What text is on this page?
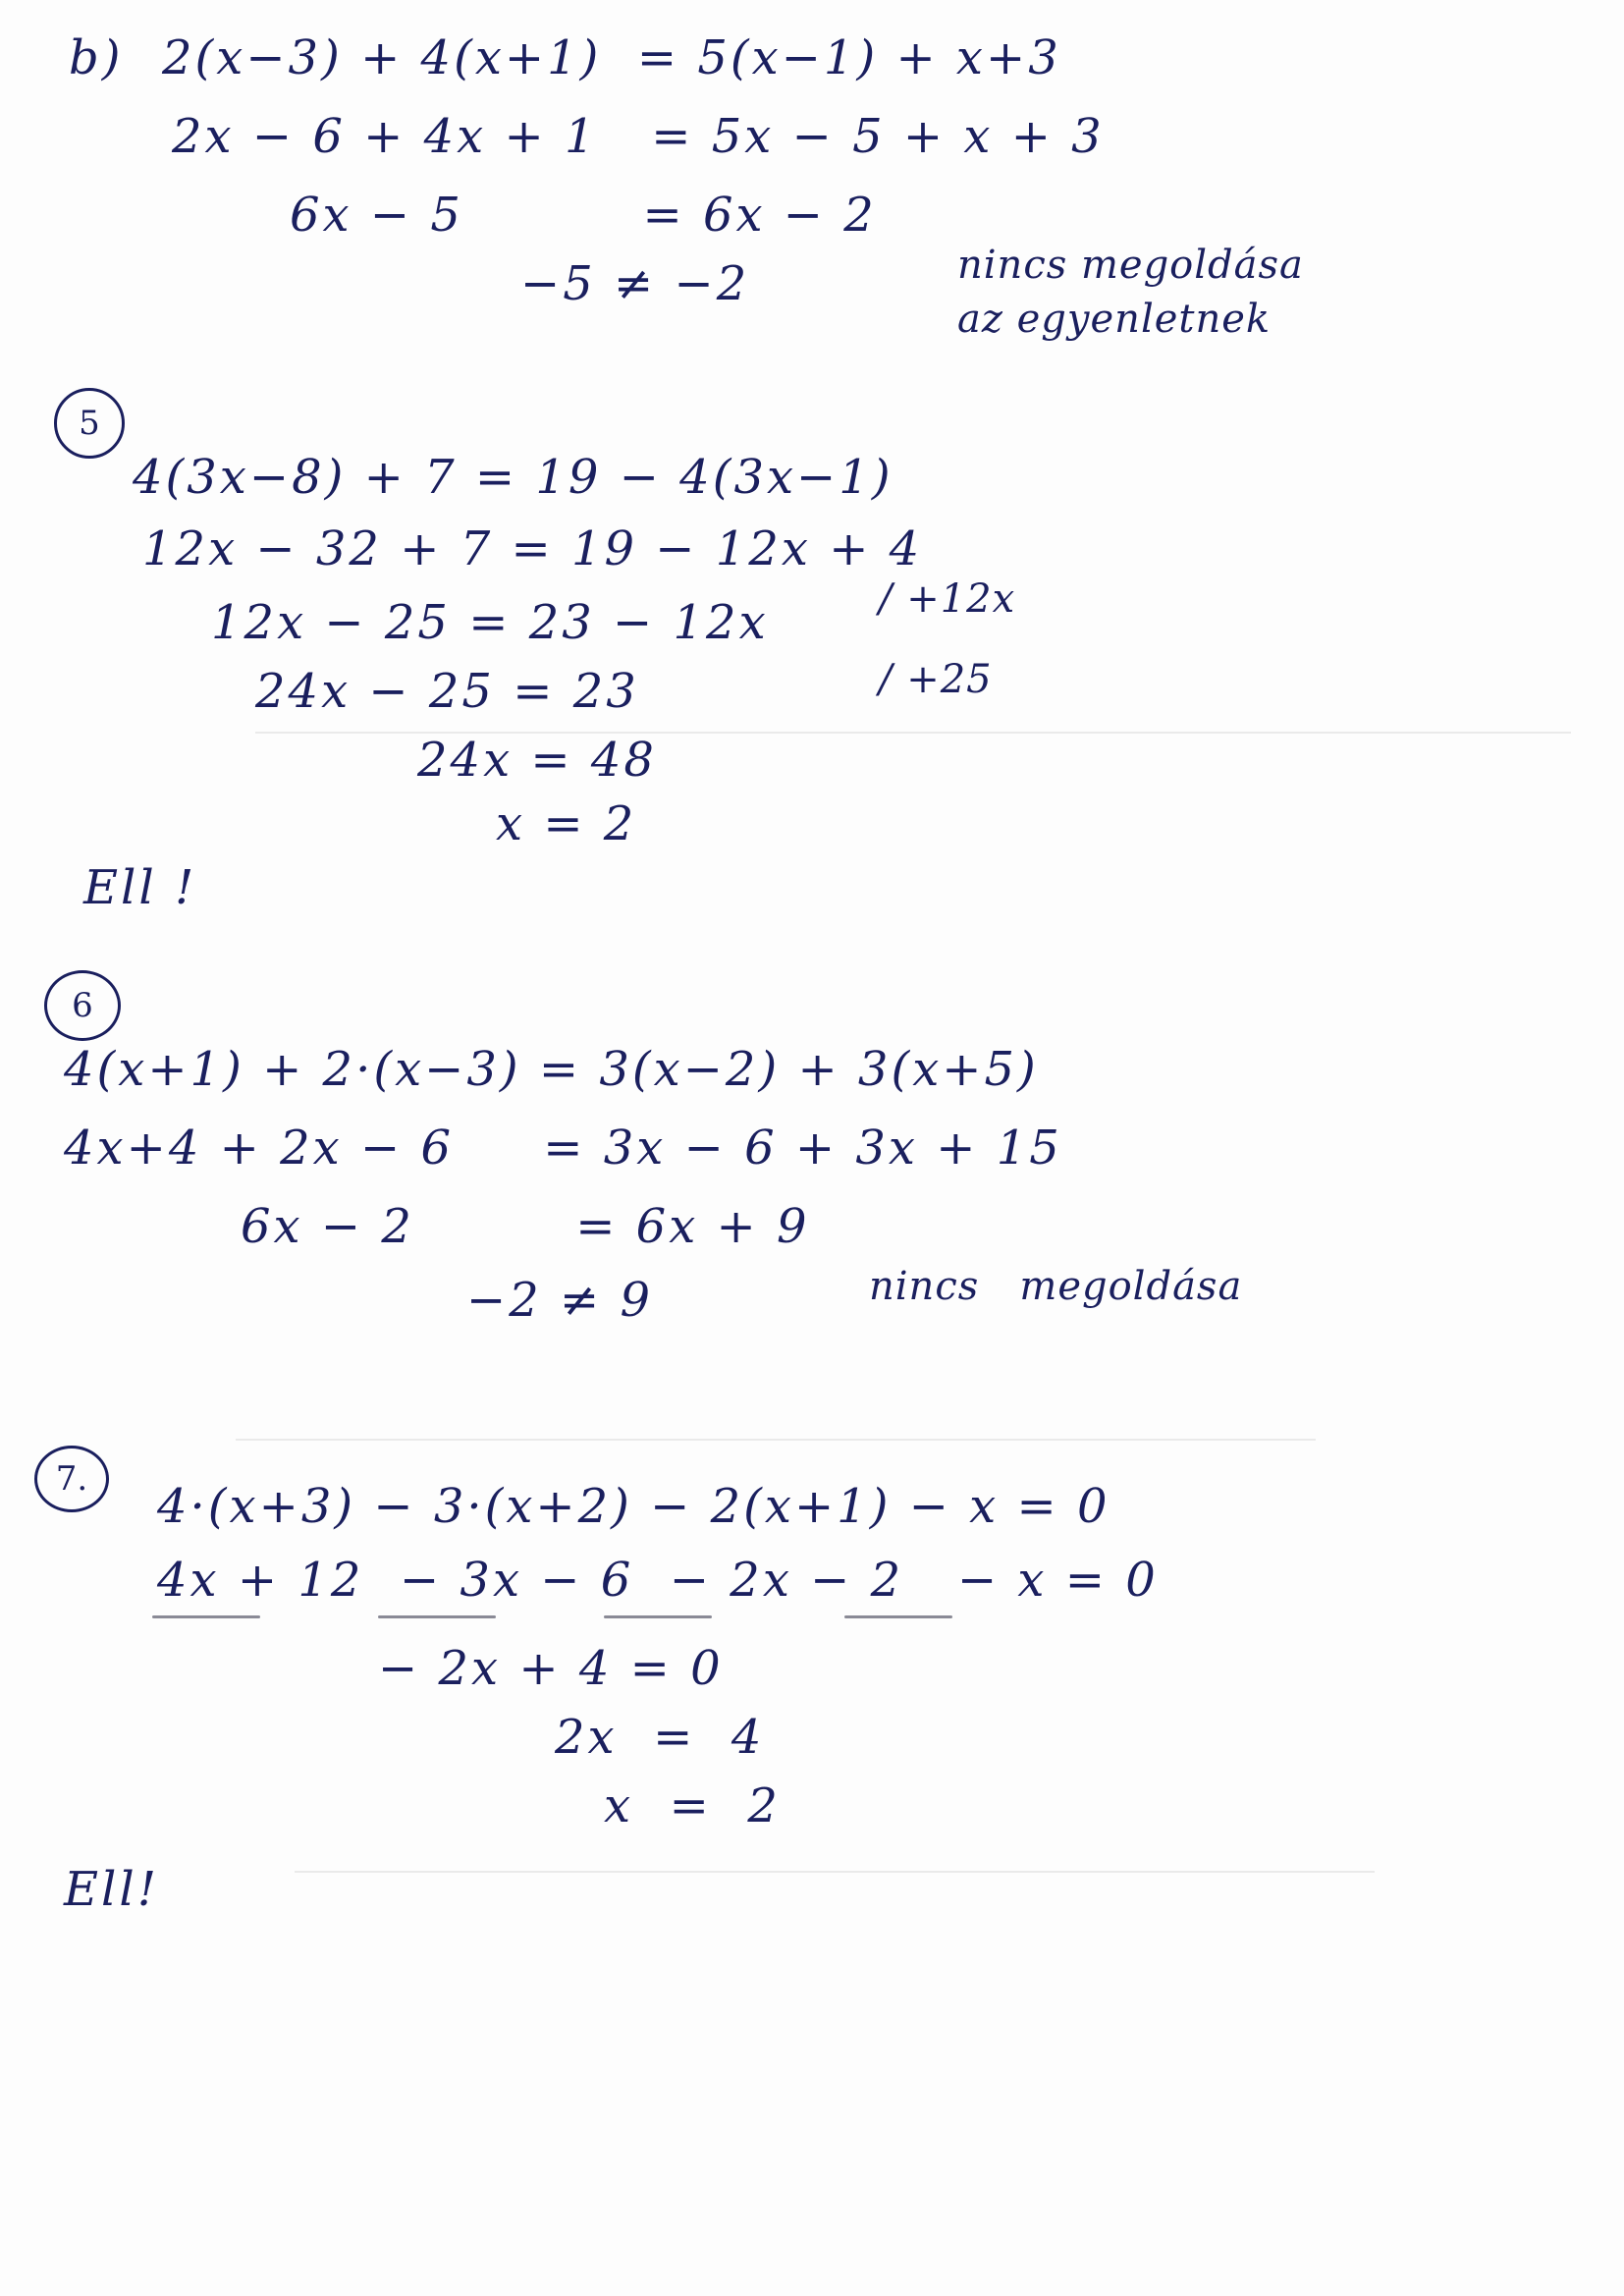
b) 2(x−3) + 4(x+1)  = 5(x−1) + x+3
2x − 6 + 4x + 1   = 5x − 5 + x + 3
6x − 5          = 6x − 2
−5 ≠ −2	nincs megoldása
az egyenletnek
5
4(3x−8) + 7 = 19 − 4(3x−1)
12x − 32 + 7 = 19 − 12x + 4
12x − 25 = 23 − 12x
24x − 25 = 23
24x = 48
x = 2
/ +12x
/ +25
Ell !
6
4(x+1) + 2·(x−3) = 3(x−2) + 3(x+5)
4x+4 + 2x − 6     = 3x − 6 + 3x + 15
6x − 2         = 6x + 9
−2 ≠ 9	nincs   megoldása
7.	4·(x+3) − 3·(x+2) − 2(x+1) − x = 0
4x + 12  − 3x − 6  − 2x − 2   − x = 0
− 2x + 4 = 0
2x  =  4
x  =  2
Ell!
